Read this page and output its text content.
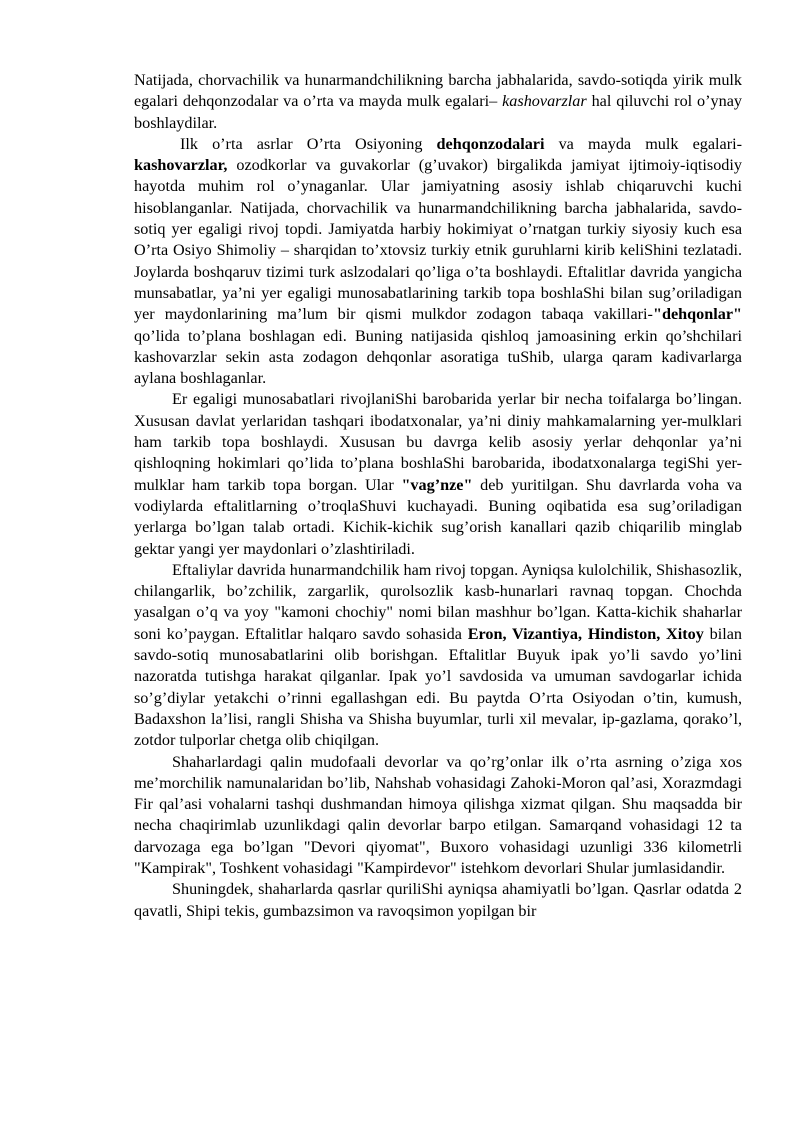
Natijada, chorvachilik va hunarmandchilikning barcha jabhalarida, savdo-sotiqda yirik mulk egalari dehqonzodalar va o’rta va mayda mulk egalari– kashovarzlar hal qiluvchi rol o’ynay boshlaydilar.

Ilk o’rta asrlar O’rta Osiyoning dehqonzodalari va mayda mulk egalari-kashovarzlar, ozodkorlar va guvakorlar (g’uvakor) birgalikda jamiyat ijtimoiy-iqtisodiy hayotda muhim rol o’ynaganlar. Ular jamiyatning asosiy ishlab chiqaruvchi kuchi hisoblanganlar. Natijada, chorvachilik va hunarmandchilikning barcha jabhalarida, savdo-sotiq yer egaligi rivoj topdi. Jamiyatda harbiy hokimiyat o’rnatgan turkiy siyosiy kuch esa O’rta Osiyo Shimoliy – sharqidan to’xtovsiz turkiy etnik guruhlarni kirib keliShini tezlatadi. Joylarda boshqaruv tizimi turk aslzodalari qo’liga o’ta boshlaydi. Eftalitlar davrida yangicha munsabatlar, ya’ni yer egaligi munosabatlarining tarkib topa boshlaShi bilan sug’oriladigan yer maydonlarining ma’lum bir qismi mulkdor zodagon tabaqa vakillari-"dehqonlar" qo’lida to’plana boshlagan edi. Buning natijasida qishloq jamoasining erkin qo’shchilari kashovarzlar sekin asta zodagon dehqonlar asoratiga tuShib, ularga qaram kadivarlarga aylana boshlaganlar.

Er egaligi munosabatlari rivojlaniShi barobarida yerlar bir necha toifalarga bo’lingan. Xususan davlat yerlaridan tashqari ibodatxonalar, ya’ni diniy mahkamalarning yer-mulklari ham tarkib topa boshlaydi. Xususan bu davrga kelib asosiy yerlar dehqonlar ya’ni qishloqning hokimlari qo’lida to’plana boshlaShi barobarida, ibodatxonalarga tegiShi yer-mulklar ham tarkib topa borgan. Ular "vag’nze" deb yuritilgan. Shu davrlarda voha va vodiylarda eftalitlarning o’troqlaShuvi kuchayadi. Buning oqibatida esa sug’oriladigan yerlarga bo’lgan talab ortadi. Kichik-kichik sug’orish kanallari qazib chiqarilib minglab gektar yangi yer maydonlari o’zlashtiriladi.

Eftaliylar davrida hunarmandchilik ham rivoj topgan. Ayniqsa kulolchilik, Shishasozlik, chilangarlik, bo’zchilik, zargarlik, qurolsozlik kasb-hunarlari ravnaq topgan. Chochda yasalgan o’q va yoy "kamoni chochiy" nomi bilan mashhur bo’lgan. Katta-kichik shaharlar soni ko’paygan. Eftalitlar halqaro savdo sohasida Eron, Vizantiya, Hindiston, Xitoy bilan savdo-sotiq munosabatlarini olib borishgan. Eftalitlar Buyuk ipak yo’li savdo yo’lini nazoratda tutishga harakat qilganlar. Ipak yo’l savdosida va umuman savdogarlar ichida so’g’diylar yetakchi o’rinni egallashgan edi. Bu paytda O’rta Osiyodan o’tin, kumush, Badaxshon la’lisi, rangli Shisha va Shisha buyumlar, turli xil mevalar, ip-gazlama, qorako’l, zotdor tulporlar chetga olib chiqilgan.

Shaharlardagi qalin mudofaali devorlar va qo’rg’onlar ilk o’rta asrning o’ziga xos me’morchilik namunalaridan bo’lib, Nahshab vohasidagi Zahoki-Moron qal’asi, Xorazmdagi Fir qal’asi vohalarni tashqi dushmandan himoya qilishga xizmat qilgan. Shu maqsadda bir necha chaqirimlab uzunlikdagi qalin devorlar barpo etilgan. Samarqand vohasidagi 12 ta darvozaga ega bo’lgan "Devori qiyomat", Buxoro vohasidagi uzunligi 336 kilometrli "Kampirak", Toshkent vohasidagi "Kampirdevor" istehkom devorlari Shular jumlasidandir.

Shuningdek, shaharlarda qasrlar quriliShi ayniqsa ahamiyatli bo’lgan. Qasrlar odatda 2 qavatli, Shipi tekis, gumbazsimon va ravoqsimon yopilgan bir
